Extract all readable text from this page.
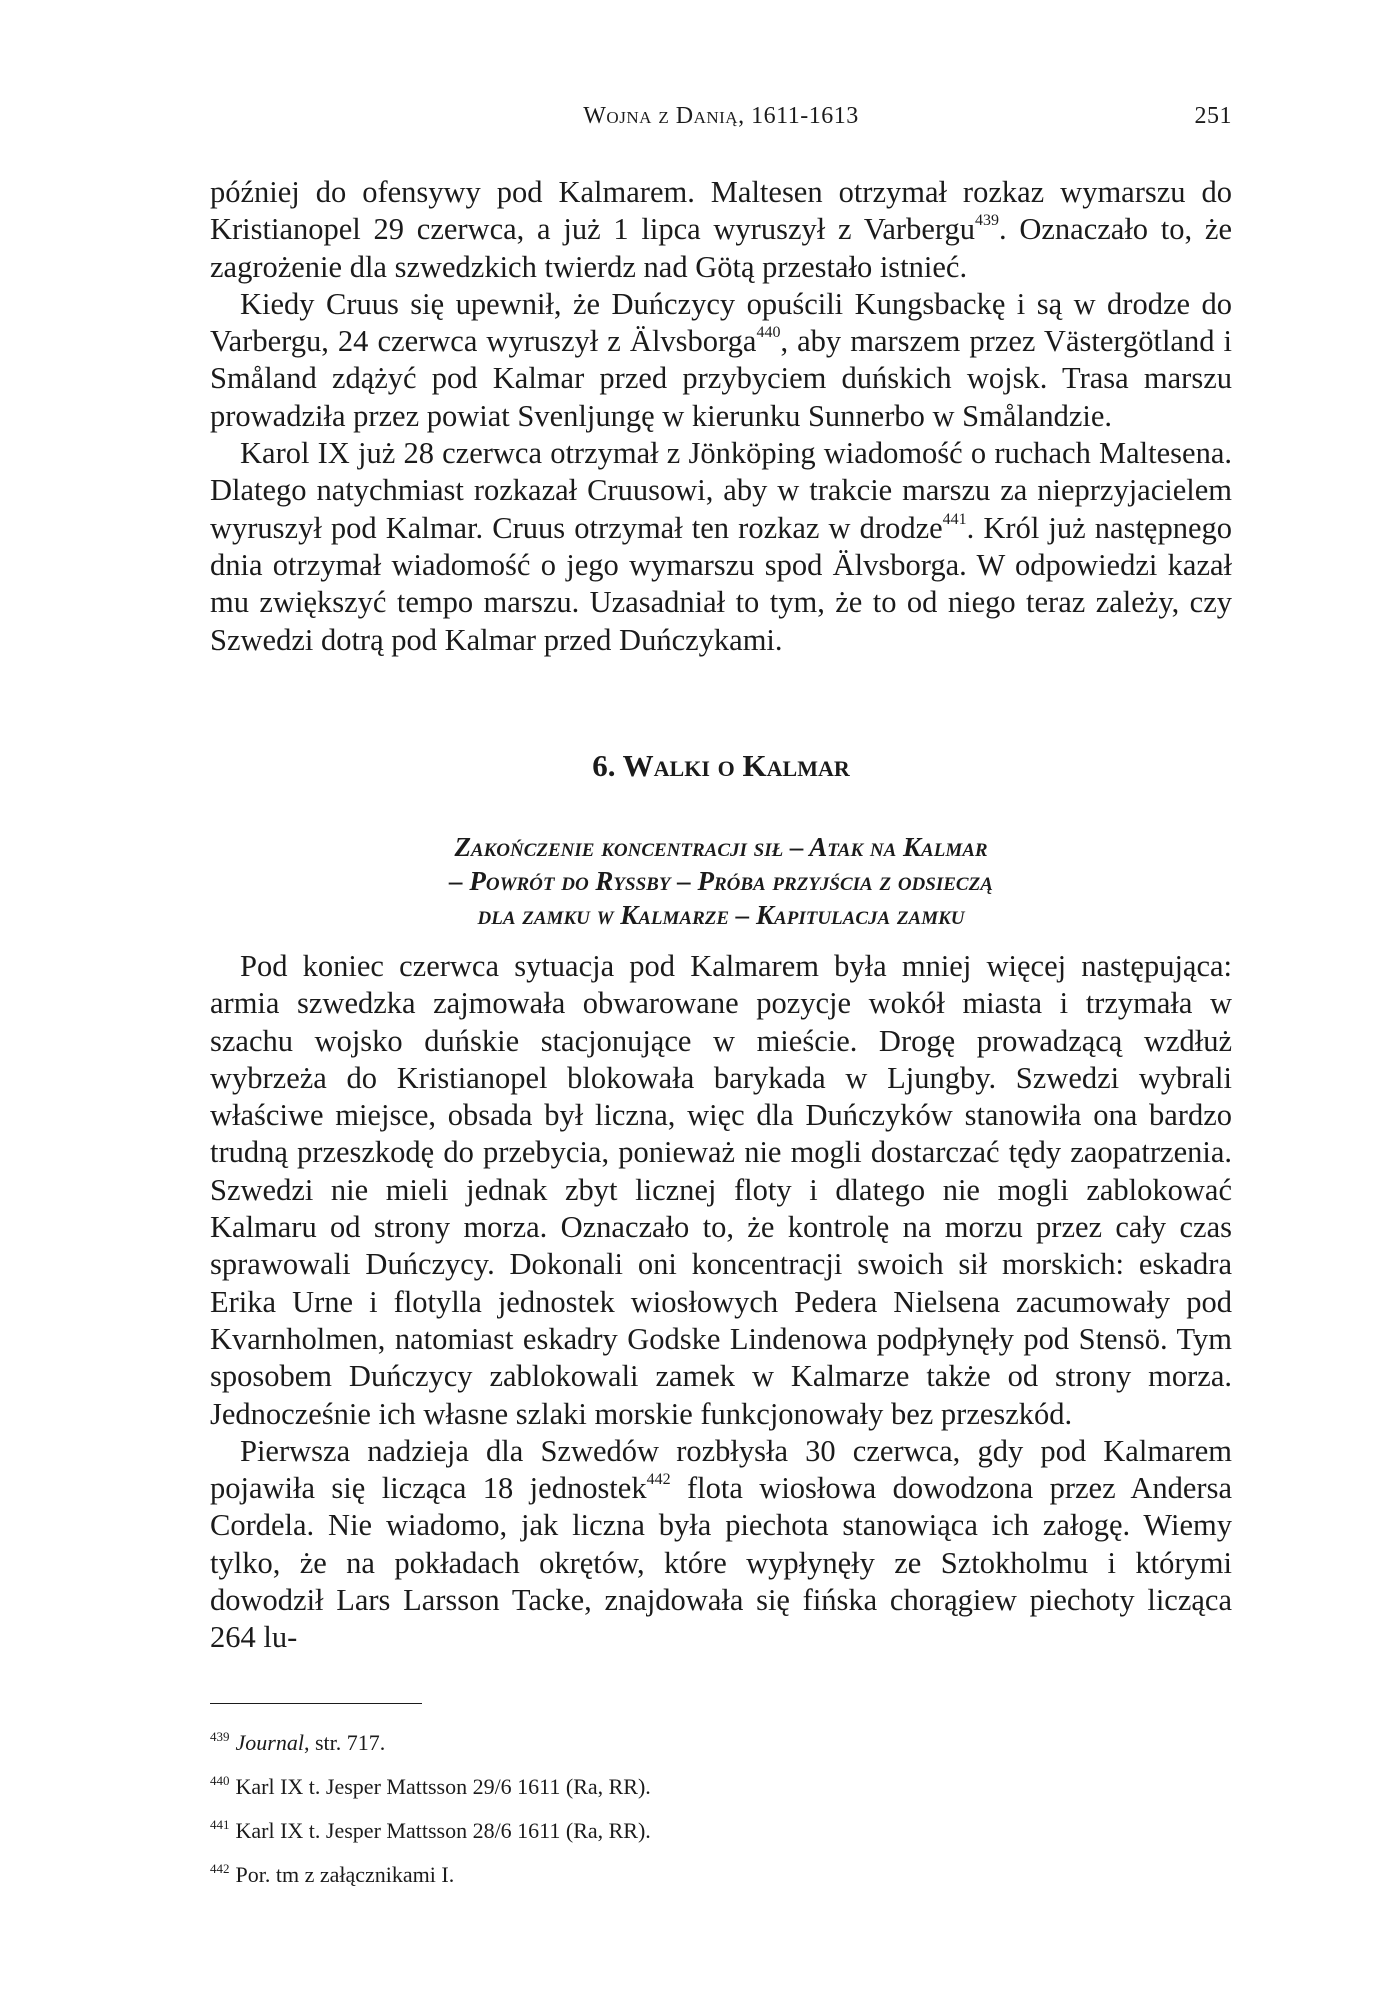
Wojna z Danią, 1611-1613	251

później do ofensywy pod Kalmarem. Maltesen otrzymał rozkaz wymarszu do Kristianopel 29 czerwca, a już 1 lipca wyruszył z Varbergu$^{439}$. Oznaczało to, że zagrożenie dla szwedzkich twierdz nad Götą przestało istnieć.

Kiedy Cruus się upewnił, że Duńczycy opuścili Kungsbackę i są w drodze do Varbergu, 24 czerwca wyruszył z Älvsborga$^{440}$, aby marszem przez Västergötland i Småland zdążyć pod Kalmar przed przybyciem duńskich wojsk. Trasa marszu prowadziła przez powiat Svenljungę w kierunku Sunnerbo w Smålandzie.

Karol IX już 28 czerwca otrzymał z Jönköping wiadomość o ruchach Maltesena. Dlatego natychmiast rozkazał Cruusowi, aby w trakcie marszu za nieprzyjacielem wyruszył pod Kalmar. Cruus otrzymał ten rozkaz w drodze$^{441}$. Król już następnego dnia otrzymał wiadomość o jego wymarszu spod Älvsborga. W odpowiedzi kazał mu zwiększyć tempo marszu. Uzasadniał to tym, że to od niego teraz zależy, czy Szwedzi dotrą pod Kalmar przed Duńczykami.

6. Walki o Kalmar
Zakończenie koncentracji sił – Atak na Kalmar
– Powrót do Ryssby – Próba przyjścia z odsieczą
dla zamku w Kalmarze – Kapitulacja zamku

Pod koniec czerwca sytuacja pod Kalmarem była mniej więcej następująca: armia szwedzka zajmowała obwarowane pozycje wokół miasta i trzymała w szachu wojsko duńskie stacjonujące w mieście. Drogę prowadzącą wzdłuż wybrzeża do Kristianopel blokowała barykada w Ljungby. Szwedzi wybrali właściwe miejsce, obsada był liczna, więc dla Duńczyków stanowiła ona bardzo trudną przeszkodę do przebycia, ponieważ nie mogli dostarczać tędy zaopatrzenia. Szwedzi nie mieli jednak zbyt licznej floty i dlatego nie mogli zablokować Kalmaru od strony morza. Oznaczało to, że kontrolę na morzu przez cały czas sprawowali Duńczycy. Dokonali oni koncentracji swoich sił morskich: eskadra Erika Urne i flotylla jednostek wiosłowych Pedera Nielsena zacumowały pod Kvarnholmen, natomiast eskadry Godske Lindenowa podpłynęły pod Stensö. Tym sposobem Duńczycy zablokowali zamek w Kalmarze także od strony morza. Jednocześnie ich własne szlaki morskie funkcjonowały bez przeszkód.

Pierwsza nadzieja dla Szwedów rozbłysła 30 czerwca, gdy pod Kalmarem pojawiła się licząca 18 jednostek$^{442}$ flota wiosłowa dowodzona przez Andersa Cordela. Nie wiadomo, jak liczna była piechota stanowiąca ich załogę. Wiemy tylko, że na pokładach okrętów, które wypłynęły ze Sztokholmu i którymi dowodził Lars Larsson Tacke, znajdowała się fińska chorągiew piechoty licząca 264 lu-

$^{439}$ Journal, str. 717.
$^{440}$ Karl IX t. Jesper Mattsson 29/6 1611 (Ra, RR).
$^{441}$ Karl IX t. Jesper Mattsson 28/6 1611 (Ra, RR).
$^{442}$ Por. tm z załącznikami I.
